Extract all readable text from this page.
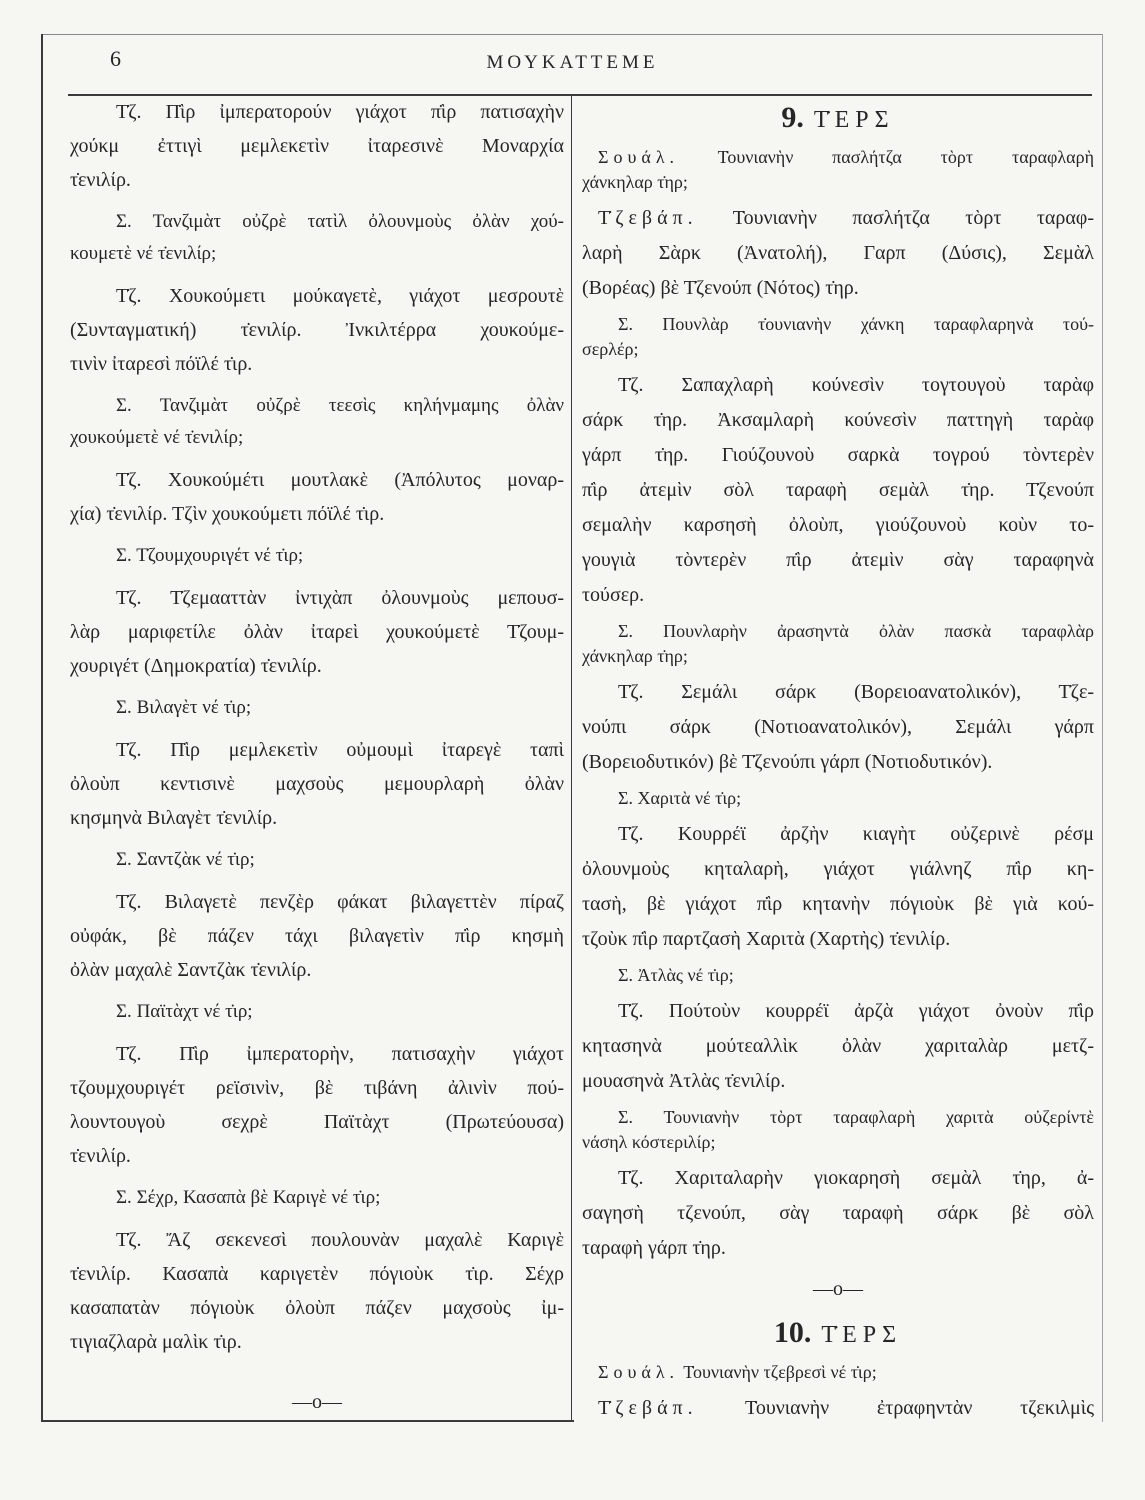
6	ΜΟΥΚΑΤΤΕΜΕ
Τ̇ζ. Π̇ὶρ ἰμπερατορούν γιάχοτ π̇ὶρ πατισαχὴν
χούκμ ἐττιγὶ μεμλεκετὶν ἰταρεσινὲ Μοναρχία
τ̇ενιλίρ.
Σ. Τανζιμὰτ οὐζρὲ τατὶλ ὀλουνμοὺς ὀλὰν χού-
κουμετὲ νέ τ̇ενιλίρ;
Τ̇ζ. Χουκούμετι μούκαγετὲ, γιάχοτ μεσρουτὲ
(Συνταγματική) τ̇ενιλίρ. Ἰνκιλτέρρα χουκούμε-
τινὶν ἰταρεσὶ πόϊλέ τ̇ιρ.
Σ. Τανζιμὰτ οὐζρὲ τεεσὶς κηλήνμαμης ὀλὰν
χουκούμετὲ νέ τ̇ενιλίρ;
Τ̇ζ. Χουκούμέτι μουτλακὲ (Ἀπόλυτος μοναρ-
χία) τ̇ενιλίρ. Τζὶν χουκούμετι πόϊλέ τ̇ιρ.
Σ. Τ̇ζουμχουριγέτ νέ τ̇ιρ;
Τ̇ζ. Τ̇ζεμααττὰν ἰντιχὰπ ὀλουνμοὺς μεπουσ-
λὰρ μαριφετίλε ὀλὰν ἰταρεὶ χουκούμετὲ Τ̇ζουμ-
χουριγέτ (Δημοκρατία) τ̇ενιλίρ.
Σ. Βιλαγὲτ νέ τ̇ιρ;
Τ̇ζ. Π̇ὶρ μεμλεκετὶν οὐμουμὶ ἰταρεγὲ ταπὶ
ὀλοὺπ κεντισινὲ μαχσοὺς μεμουρλαρὴ ὀλὰν
κησμηνὰ Βιλαγὲτ τ̇ενιλίρ.
Σ. Σαντζὰκ νέ τ̇ιρ;
Τ̇ζ. Βιλαγετὲ πενζὲρ φάκατ βιλαγεττὲν πίραζ
οὐφάκ, βὲ πάζεν τάχι βιλαγετὶν π̇ὶρ κησμὴ
ὀλὰν μαχαλὲ Σαντζὰκ τ̇ενιλίρ.
Σ. Παϊτὰχτ νέ τ̇ιρ;
Τ̇ζ. Π̇ὶρ ἰμπερατορὴν, πατισαχὴν γιάχοτ
τζουμχουριγέτ ρεϊσινὶν, βὲ τιβάνη ἀλινὶν πού-
λουντουγοὺ σεχρὲ Παϊτὰχτ (Πρωτεύουσα)
τ̇ενιλίρ.
Σ. Σέχρ, Κασαπὰ βὲ Καριγὲ νέ τ̇ιρ;
Τ̇ζ. Ἄζ σεκενεσὶ πουλουνὰν μαχαλὲ Καριγὲ
τ̇ενιλίρ. Κασαπὰ καριγετὲν πόγιοὺκ τ̇ιρ. Σέχρ
κασαπατὰν πόγιοὺκ ὀλοὺπ πάζεν μαχσοὺς ἰμ-
τιγιαζλαρὰ μαλὶκ τ̇ιρ.
—o—
9. Τ̇ΕΡΣ
Σουάλ. Τ̇ουνιανὴν πασλήτζα τὸρτ ταραφλαρὴ
χάνκηλαρ τ̇ηρ;
Τ̇ζεβάπ. Τ̇ουνιανὴν πασλήτζα τὸρτ ταραφ-
λαρὴ Σὰρκ (Ἀνατολή), Γαρπ (Δύσις), Σεμὰλ
(Βορέας) βὲ Τ̇ζενούπ (Νότος) τ̇ηρ.
Σ. Πουνλὰρ τ̇ουνιανὴν χάνκη ταραφλαρηνὰ τού-
σερλέρ;
Τ̇ζ. Σαπαχλαρὴ κούνεσὶν τογτουγοὺ ταρὰφ
σάρκ τ̇ηρ. Ἀκσαμλαρὴ κούνεσὶν παττηγὴ ταρὰφ
γάρπ τ̇ηρ. Γιούζουνοὺ σαρκὰ τογρού τὸντερὲν
π̇ὶρ ἀτεμὶν σὸλ ταραφὴ σεμὰλ τ̇ηρ. Τ̇ζενούπ
σεμαλὴν καρσησὴ ὀλοὺπ, γιούζουνοὺ κοὺν το-
γουγιὰ τὸντερὲν π̇ὶρ ἀτεμὶν σὰγ ταραφηνὰ
τούσερ.
Σ. Πουνλαρὴν ἀρασηντὰ ὀλὰν πασκὰ ταραφλὰρ
χάνκηλαρ τ̇ηρ;
Τ̇ζ. Σεμάλι σάρκ (Βορειοανατολικόν), Τ̇ζε-
νούπι σάρκ (Νοτιοανατολικόν), Σεμάλι γάρπ
(Βορειοδυτικόν) βὲ Τ̇ζενούπι γάρπ (Νοτιοδυτικόν).
Σ. Χαριτὰ νέ τ̇ιρ;
Τ̇ζ. Κουρρέϊ ἀρζὴν κιαγὴτ οὐζερινὲ ρέσμ
ὀλουνμοὺς κηταλαρὴ, γιάχοτ γιάλνηζ π̇ὶρ κη-
τασὴ, βὲ γιάχοτ π̇ὶρ κητανὴν πόγιοὺκ βὲ γιὰ κού-
τζοὺκ π̇ὶρ παρτζασὴ Χαριτὰ (Χαρτὴς) τ̇ενιλίρ.
Σ. Ἀτλὰς νέ τ̇ιρ;
Τ̇ζ. Πούτοὺν κουρρέϊ ἀρζὰ γιάχοτ ὀνοὺν π̇ὶρ
κητασηνὰ μούτεαλλὶκ ὀλὰν χαριταλὰρ μετζ-
μουασηνὰ Ἀτλὰς τ̇ενιλίρ.
Σ. Τ̇ουνιανὴν τὸρτ ταραφλαρὴ χαριτὰ οὐζερίντὲ
νάσηλ κόστεριλίρ;
Τ̇ζ. Χαριταλαρὴν γιοκαρησὴ σεμὰλ τ̇ηρ, ἀ-
σαγησὴ τζενούπ, σὰγ ταραφὴ σάρκ βὲ σὸλ
ταραφὴ γάρπ τ̇ηρ.
—o—
10. Τ̇ΕΡΣ
Σουάλ. Τ̇ουνιανὴν τζεβρεσὶ νέ τ̇ιρ;
Τ̇ζεβάπ. Τ̇ουνιανὴν ἐτραφηντὰν τζεκιλμὶς
